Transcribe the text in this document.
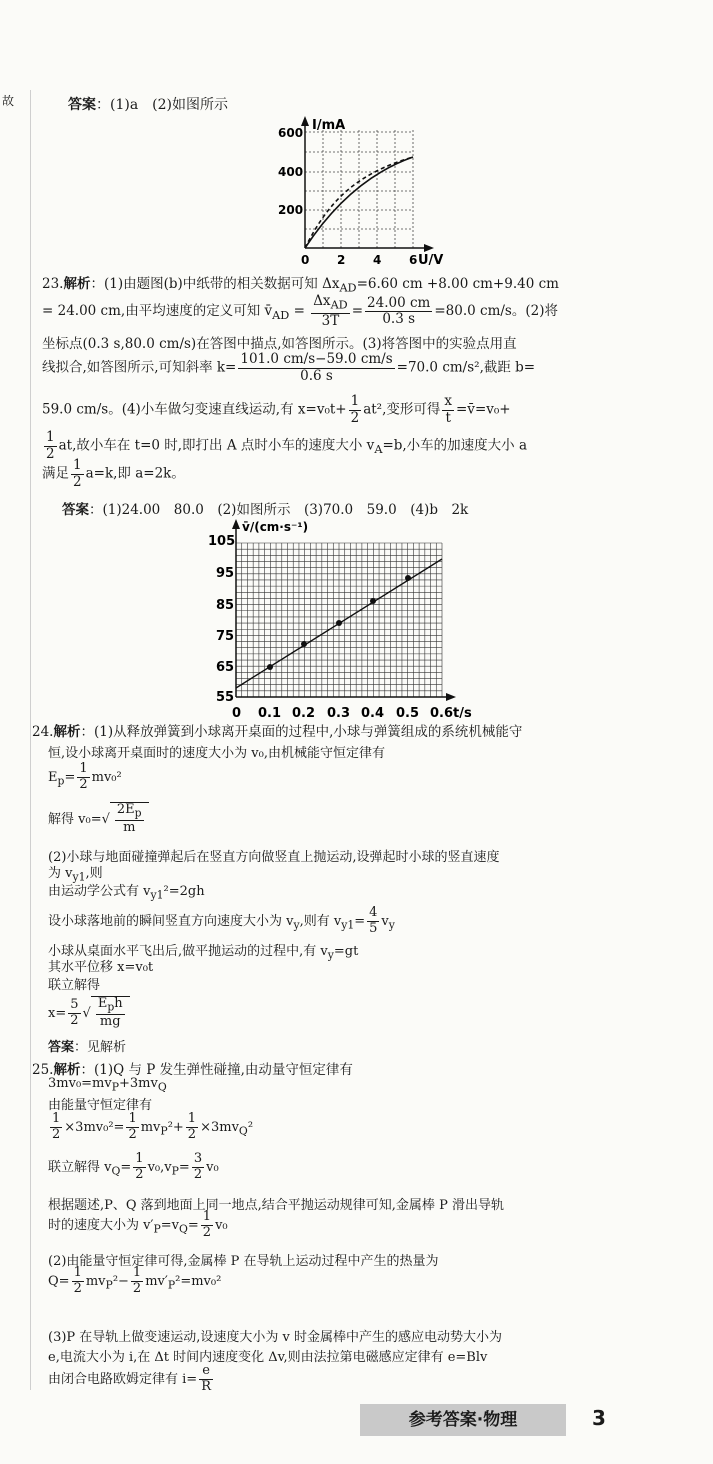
故	答案：(1)a　(2)如图所示
I/mA
600
400
200
0 2 4 6 U/V
23.解析：(1)由题图(b)中纸带的相关数据可知 $\Delta x_{AD}=6.60$ cm +8.00 cm+9.40 cm
= 24.00 cm,由平均速度的定义可知 $v̄_{AD} = \frac{\Delta x_{AD}}{3T} = \frac{24.00 cm}{0.3 s} =80.0$ cm/s。(2)将
坐标点(0.3 s,80.0 cm/s)在答图中描点,如答图所示。(3)将答图中的实验点用直
线拟合,如答图所示,可知斜率 $k= \frac{101.0 cm/s-59.0 cm/s}{0.6 s} =70.0$ cm/s²,截距 b=
59.0 cm/s。(4)小车做匀变速直线运动,有 $x=v_0t+ \frac{1}{2} at^2$,变形可得 $\frac{x}{t}$ =v̄=v₀+
$\frac{1}{2}$ at,故小车在 t=0 时,即打出 A 点时小车的速度大小 $v_A=b$,小车的加速度大小 a
满足 $\frac{1}{2} a=k$,即 a=2k。
答案：(1)24.00　80.0　(2)如图所示　(3)70.0　59.0　(4)b　2k
v̄/(cm·s⁻¹)
105
95
85
75
65
55
0 0.1 0.2 0.3 0.4 0.5 0.6 t/s
24.解析：(1)从释放弹簧到小球离开桌面的过程中,小球与弹簧组成的系统机械能守
恒,设小球离开桌面时的速度大小为 v₀,由机械能守恒定律有
$E_p= \frac{1}{2} mv_0^2$
解得 $v_0=√ \frac{2E_p}{m}$
(2)小球与地面碰撞弹起后在竖直方向做竖直上抛运动,设弹起时小球的竖直速度
为 $v_{y1}$,则
由运动学公式有 $v_{y1}^2=2gh$
设小球落地前的瞬间竖直方向速度大小为 $v_y$,则有 $v_{y1}= \frac{4}{5} v_y$
小球从桌面水平飞出后,做平抛运动的过程中,有 $v_y=gt$
其水平位移 x=v₀t
联立解得
$x= \frac{5}{2}$ √ $\frac{E_ph}{mg}$
答案：见解析
25.解析：(1)Q 与 P 发生弹性碰撞,由动量守恒定律有
$3mv_0=mv_P+3mv_Q$
由能量守恒定律有
$\frac{1}{2} \times 3mv_0^2= \frac{1}{2} mv_P^2+ \frac{1}{2} \times 3mv_Q^2$
联立解得 $v_Q= \frac{1}{2} v_0,v_P= \frac{3}{2} v_0$
根据题述,P、Q 落到地面上同一地点,结合平抛运动规律可知,金属棒 P 滑出导轨
时的速度大小为 $v'_P=v_Q= \frac{1}{2} v_0$
(2)由能量守恒定律可得,金属棒 P 在导轨上运动过程中产生的热量为
$Q= \frac{1}{2} mv_P^2- \frac{1}{2} mv'_P^2=mv_0^2$
(3)P 在导轨上做变速运动,设速度大小为 v 时金属棒中产生的感应电动势大小为
e,电流大小为 i,在 Δt 时间内速度变化 Δv,则由法拉第电磁感应定律有 e=Blv
由闭合电路欧姆定律有 $i= \frac{e}{R}$
参考答案·物理	3
